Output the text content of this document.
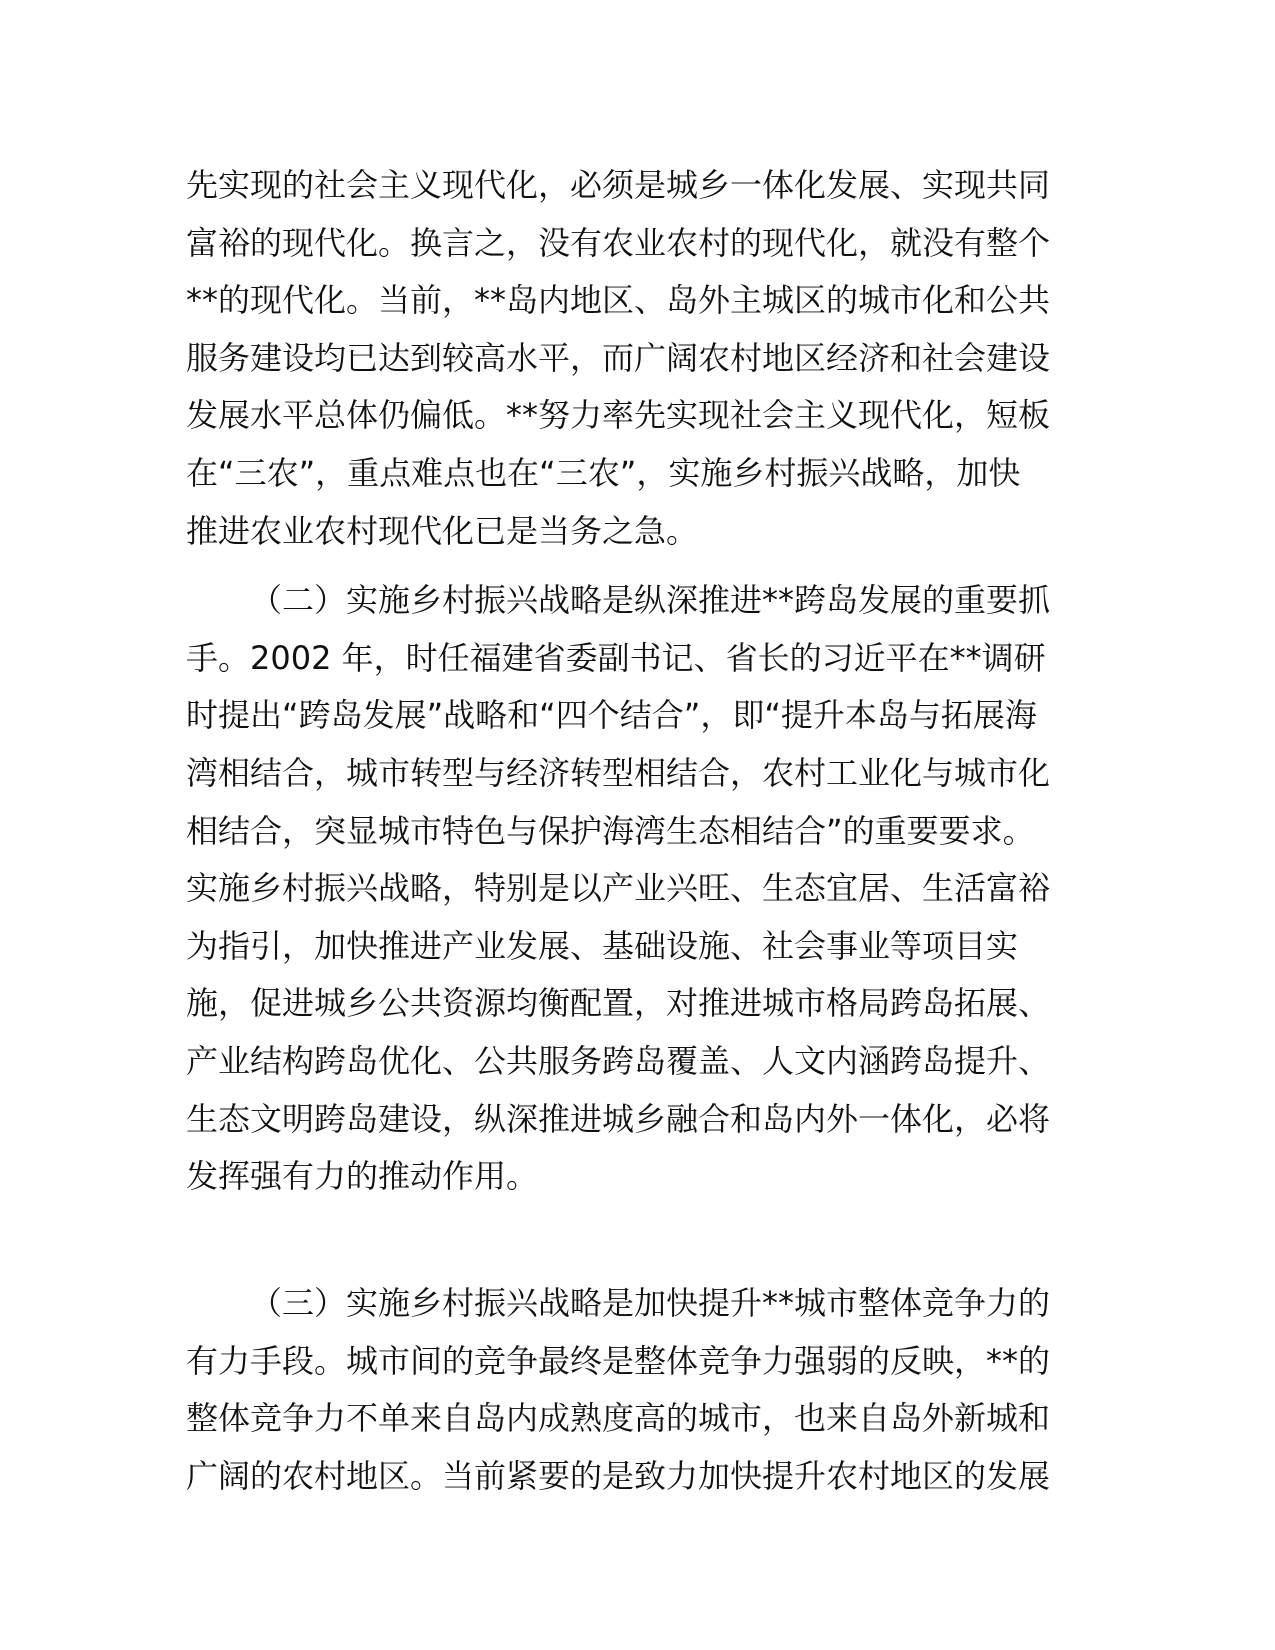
先实现的社会主义现代化，必须是城乡一体化发展、实现共同
富裕的现代化。换言之，没有农业农村的现代化，就没有整个
**的现代化。当前，**岛内地区、岛外主城区的城市化和公共
服务建设均已达到较高水平，而广阔农村地区经济和社会建设
发展水平总体仍偏低。**努力率先实现社会主义现代化，短板
在“三农”，重点难点也在“三农”，实施乡村振兴战略，加快
推进农业农村现代化已是当务之急。
（二）实施乡村振兴战略是纵深推进**跨岛发展的重要抓
手。2002 年，时任福建省委副书记、省长的习近平在**调研
时提出“跨岛发展”战略和“四个结合”，即“提升本岛与拓展海
湾相结合，城市转型与经济转型相结合，农村工业化与城市化
相结合，突显城市特色与保护海湾生态相结合”的重要要求。
实施乡村振兴战略，特别是以产业兴旺、生态宜居、生活富裕
为指引，加快推进产业发展、基础设施、社会事业等项目实
施，促进城乡公共资源均衡配置，对推进城市格局跨岛拓展、
产业结构跨岛优化、公共服务跨岛覆盖、人文内涵跨岛提升、
生态文明跨岛建设，纵深推进城乡融合和岛内外一体化，必将
发挥强有力的推动作用。
（三）实施乡村振兴战略是加快提升**城市整体竞争力的
有力手段。城市间的竞争最终是整体竞争力强弱的反映，**的
整体竞争力不单来自岛内成熟度高的城市，也来自岛外新城和
广阔的农村地区。当前紧要的是致力加快提升农村地区的发展
